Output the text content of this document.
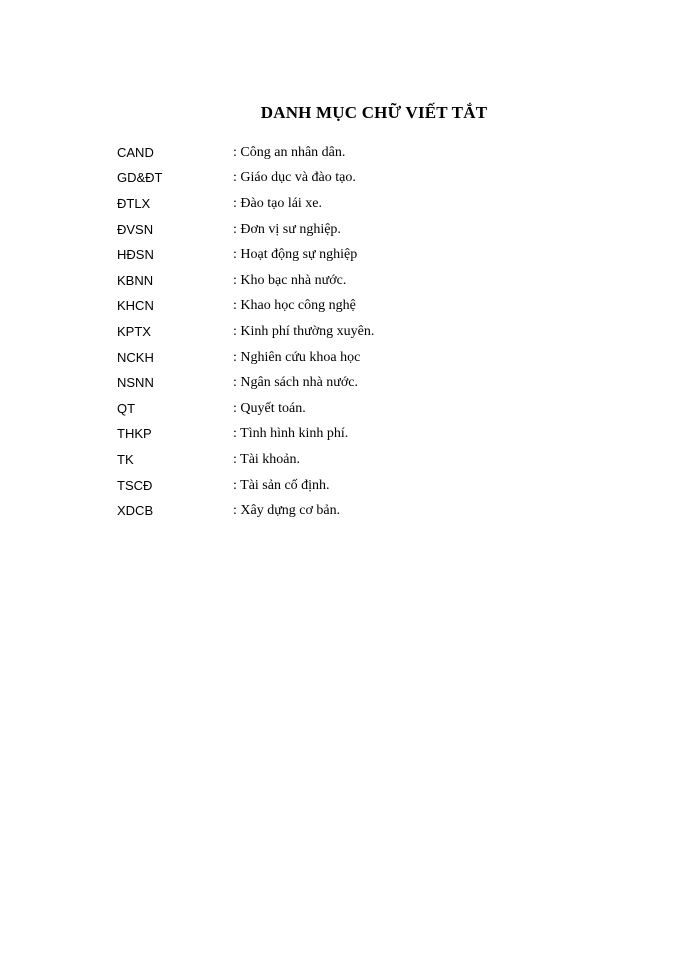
DANH MỤC CHỮ VIẾT TẮT
CAND	: Công an nhân dân.
GD&ĐT	: Giáo dục và đào tạo.
ĐTLX	: Đào tạo lái xe.
ĐVSN	: Đơn vị sư nghiệp.
HĐSN	: Hoạt động sự nghiệp
KBNN	: Kho bạc nhà nước.
KHCN	: Khao học công nghệ
KPTX	: Kinh phí thường xuyên.
NCKH	: Nghiên cứu khoa học
NSNN	: Ngân sách nhà nước.
QT	: Quyết toán.
THKP	: Tình hình kinh phí.
TK	: Tài khoản.
TSCĐ	: Tài sản cố định.
XDCB	: Xây dựng cơ bản.
